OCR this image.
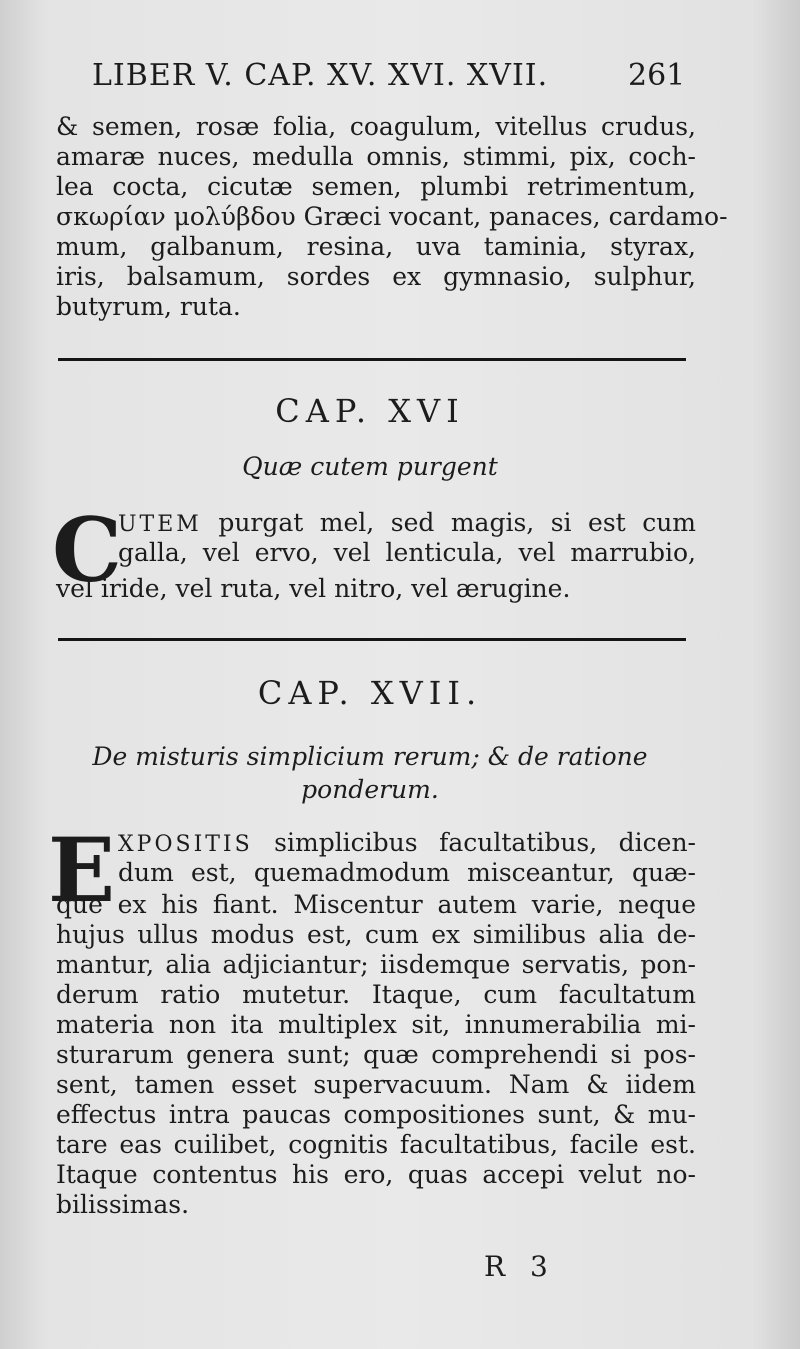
LIBER V. CAP. XV. XVI. XVII.	261
& semen, rosæ folia, coagulum, vitellus crudus,
amaræ nuces, medulla omnis, stimmi, pix, coch-
lea cocta, cicutæ semen, plumbi retrimentum,
σκωρίαν μολύβδου Græci vocant, panaces, cardamo-
mum, galbanum, resina, uva taminia, styrax,
iris, balsamum, sordes ex gymnasio, sulphur,
butyrum, ruta.
CAP. XVI
Quæ cutem purgent
C
UTEM purgat mel, sed magis, si est cum
galla, vel ervo, vel lenticula, vel marrubio,
vel iride, vel ruta, vel nitro, vel ærugine.
CAP. XVII.
De misturis simplicium rerum; & de ratione
ponderum.
E XPOSITIS simplicibus facultatibus, dicen-
dum est, quemadmodum misceantur, quæ-
que ex his fiant. Miscentur autem varie, neque
hujus ullus modus est, cum ex similibus alia de-
mantur, alia adjiciantur; iisdemque servatis, pon-
derum ratio mutetur. Itaque, cum facultatum
materia non ita multiplex sit, innumerabilia mi-
sturarum genera sunt; quæ comprehendi si pos-
sent, tamen esset supervacuum. Nam & iidem
effectus intra paucas compositiones sunt, & mu-
tare eas cuilibet, cognitis facultatibus, facile est.
Itaque contentus his ero, quas accepi velut no-
bilissimas.
R 3
